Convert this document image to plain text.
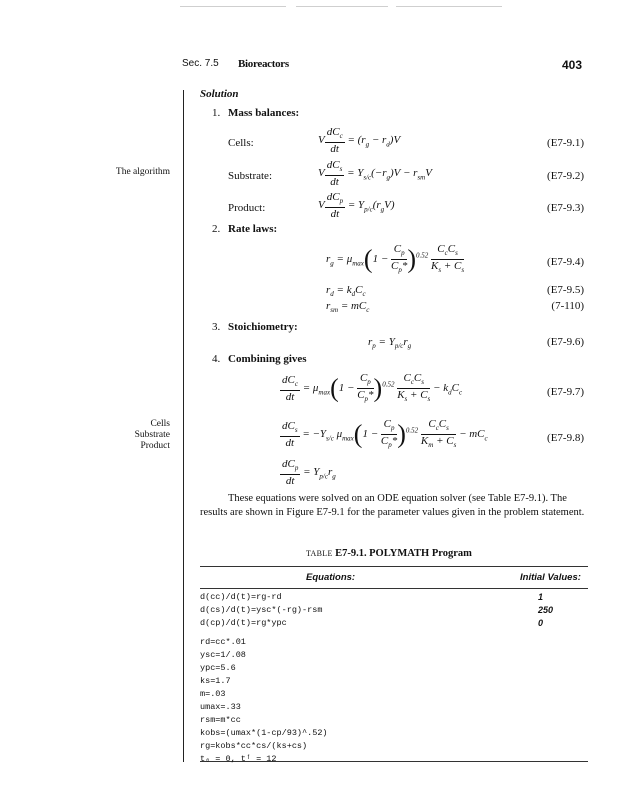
Sec. 7.5 Bioreactors	403
The algorithm
Cells
Substrate
Product
Solution
1. Mass balances:
Cells:	V $\frac{dC_c}{dt} = (r_g - r_d)V$	(E7-9.1)
Substrate:	V $\frac{dC_s}{dt} = Y_{s/c}(-r_g)V - r_{sm}V$	(E7-9.2)
Product:	V $\frac{dC_p}{dt} = Y_{p/c}(r_gV)$	(E7-9.3)
2. Rate laws:
$r_g = \mu_{max}(1 - \frac{C_p}{C_p*} )^{0.52} \frac{C_cC_s}{K_s + C_s}$	(E7-9.4)
$r_d = k_dC_c$	(E7-9.5)
$r_{sm} = mC_c$	(7-110)
3. Stoichiometry:
$r_p = Y_{p/c}r_g$	(E7-9.6)
4. Combining gives
$\frac{dC_c}{dt} = \mu_{max}(1 - \frac{C_p}{C_p*} )^{0.52} \frac{C_cC_s}{K_s + C_s} - k_dC_c$	(E7-9.7)
$\frac{dC_s}{dt} = -Y_{s/c}$ $\mu_{max}(1 - \frac{C_p}{C_p*} )^{0.52} \frac{C_cC_s}{K_m + C_s} - mC_c$	(E7-9.8)
$\frac{dC_p}{dt} = Y_{p/c}r_g$
These equations were solved on an ODE equation solver (see Table E7-9.1). The results are shown in Figure E7-9.1 for the parameter values given in the problem statement.
TABLE E7-9.1. POLYMATH Program
Equations:	Initial Values:
d(cc)/d(t)=rg-rd	1
d(cs)/d(t)=ysc*(-rg)-rsm	250
d(cp)/d(t)=rg*ypc	0
rd=cc*.01
ysc=1/.08
ypc=5.6
ks=1.7
m=.03
umax=.33
rsm=m*cc
kobs=(umax*(1-cp/93)^.52)
rg=kobs*cc*cs/(ks+cs)
t₀ = 0, tᶠ = 12
